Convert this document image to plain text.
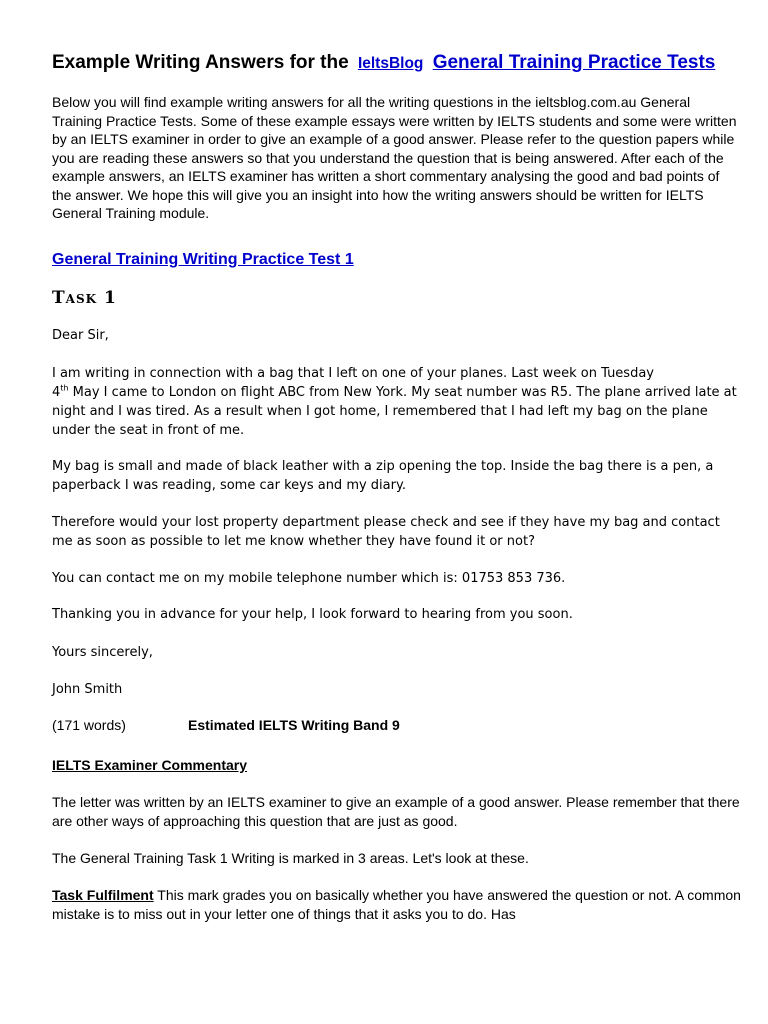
Example Writing Answers for the IeltsBlog General Training Practice Tests
Below you will find example writing answers for all the writing questions in the ieltsblog.com.au General Training Practice Tests. Some of these example essays were written by IELTS students and some were written by an IELTS examiner in order to give an example of a good answer. Please refer to the question papers while you are reading these answers so that you understand the question that is being answered. After each of the example answers, an IELTS examiner has written a short commentary analysing the good and bad points of the answer. We hope this will give you an insight into how the writing answers should be written for IELTS General Training module.
General Training Writing Practice Test 1
Task 1
Dear Sir,
I am writing in connection with a bag that I left on one of your planes. Last week on Tuesday
4th May I came to London on flight ABC from New York. My seat number was R5. The plane arrived late at night and I was tired. As a result when I got home, I remembered that I had left my bag on the plane under the seat in front of me.
My bag is small and made of black leather with a zip opening the top. Inside the bag there is a pen, a paperback I was reading, some car keys and my diary.
Therefore would your lost property department please check and see if they have my bag and contact me as soon as possible to let me know whether they have found it or not?
You can contact me on my mobile telephone number which is: 01753 853 736.
Thanking you in advance for your help, I look forward to hearing from you soon.
Yours sincerely,
John Smith
(171 words)	Estimated IELTS Writing Band 9
IELTS Examiner Commentary
The letter was written by an IELTS examiner to give an example of a good answer. Please remember that there are other ways of approaching this question that are just as good.
The General Training Task 1 Writing is marked in 3 areas. Let's look at these.
Task Fulfilment This mark grades you on basically whether you have answered the question or not. A common mistake is to miss out in your letter one of things that it asks you to do. Has
